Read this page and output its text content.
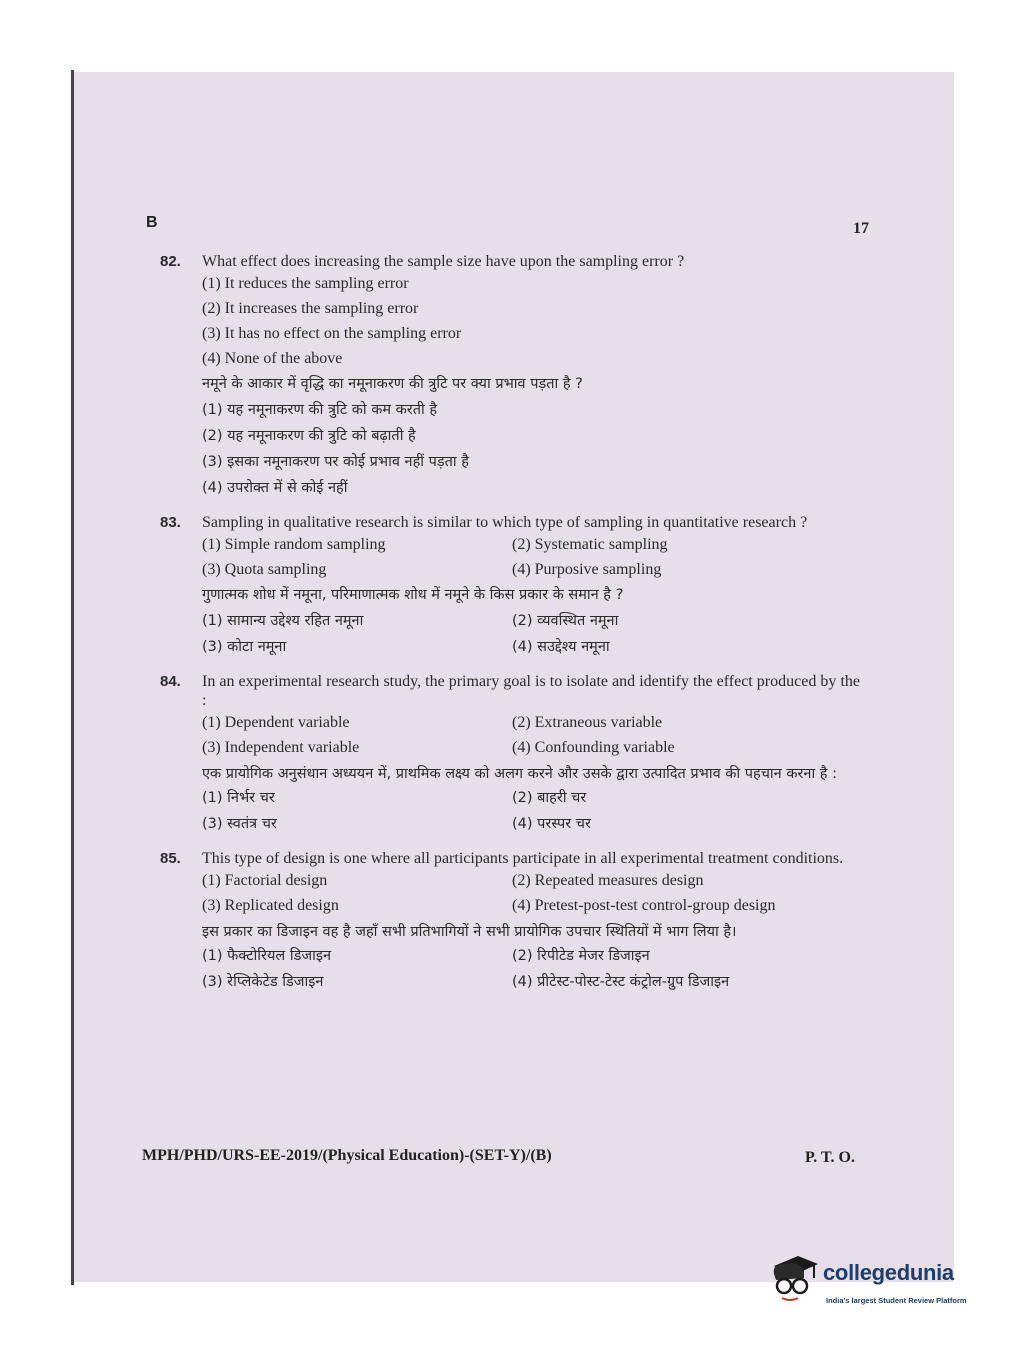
B	17
82.	What effect does increasing the sample size have upon the sampling error ?
(1) It reduces the sampling error
(2) It increases the sampling error
(3) It has no effect on the sampling error
(4) None of the above
नमूने के आकार में वृद्धि का नमूनाकरण की त्रुटि पर क्या प्रभाव पड़ता है ?
(1) यह नमूनाकरण की त्रुटि को कम करती है
(2) यह नमूनाकरण की त्रुटि को बढ़ाती है
(3) इसका नमूनाकरण पर कोई प्रभाव नहीं पड़ता है
(4) उपरोक्त में से कोई नहीं
83.	Sampling in qualitative research is similar to which type of sampling in quantitative research ?
(1) Simple random sampling	(2) Systematic sampling
(3) Quota sampling	(4) Purposive sampling
गुणात्मक शोध में नमूना, परिमाणात्मक शोध में नमूने के किस प्रकार के समान है ?
(1) सामान्य उद्देश्य रहित नमूना	(2) व्यवस्थित नमूना
(3) कोटा नमूना	(4) सउद्देश्य नमूना
84.	In an experimental research study, the primary goal is to isolate and identify the effect produced by the :
(1) Dependent variable	(2) Extraneous variable
(3) Independent variable	(4) Confounding variable
एक प्रायोगिक अनुसंधान अध्ययन में, प्राथमिक लक्ष्य को अलग करने और उसके द्वारा उत्पादित प्रभाव की पहचान करना है :
(1) निर्भर चर	(2) बाहरी चर
(3) स्वतंत्र चर	(4) परस्पर चर
85.	This type of design is one where all participants participate in all experimental treatment conditions.
(1) Factorial design	(2) Repeated measures design
(3) Replicated design	(4) Pretest-post-test control-group design
इस प्रकार का डिजाइन वह है जहाँ सभी प्रतिभागियों ने सभी प्रायोगिक उपचार स्थितियों में भाग लिया है।
(1) फैक्टोरियल डिजाइन	(2) रिपीटेड मेजर डिजाइन
(3) रेप्लिकेटेड डिजाइन	(4) प्रीटेस्ट-पोस्ट-टेस्ट कंट्रोल-ग्रुप डिजाइन
MPH/PHD/URS-EE-2019/(Physical Education)-(SET-Y)/(B)	P. T. O.
collegedunia
India's largest Student Review Platform
